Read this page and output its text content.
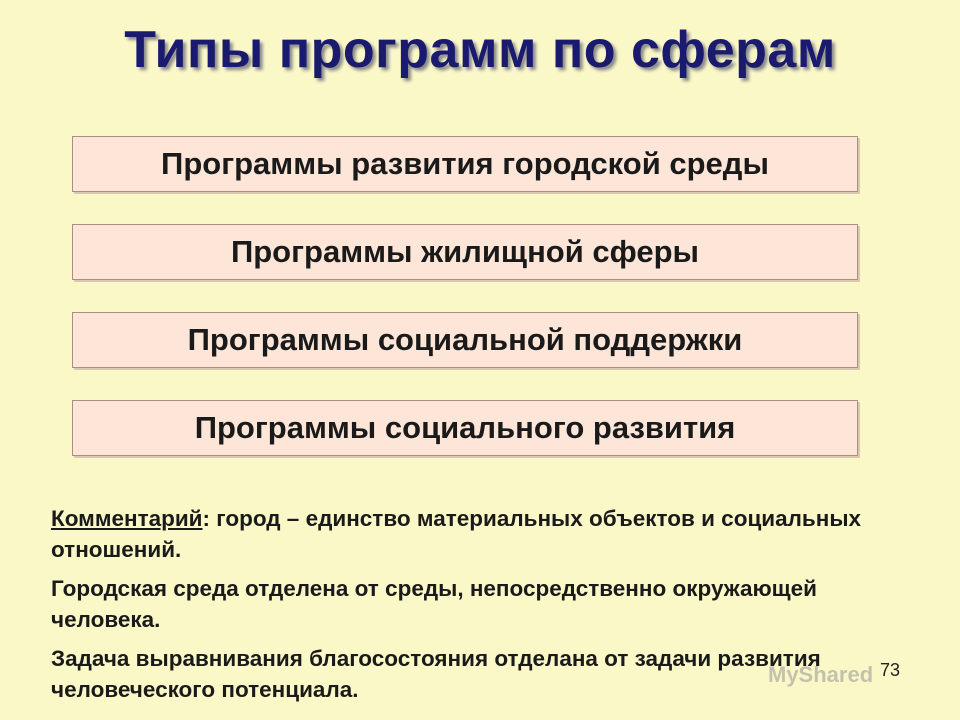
Типы программ по сферам
Программы развития городской среды
Программы жилищной сферы
Программы социальной поддержки
Программы социального развития

Комментарий: город – единство материальных объектов и социальных отношений.

Городская среда отделена от среды, непосредственно окружающей человека.

Задача выравнивания благосостояния отделана от задачи развития человеческого потенциала.

MyShared 73
